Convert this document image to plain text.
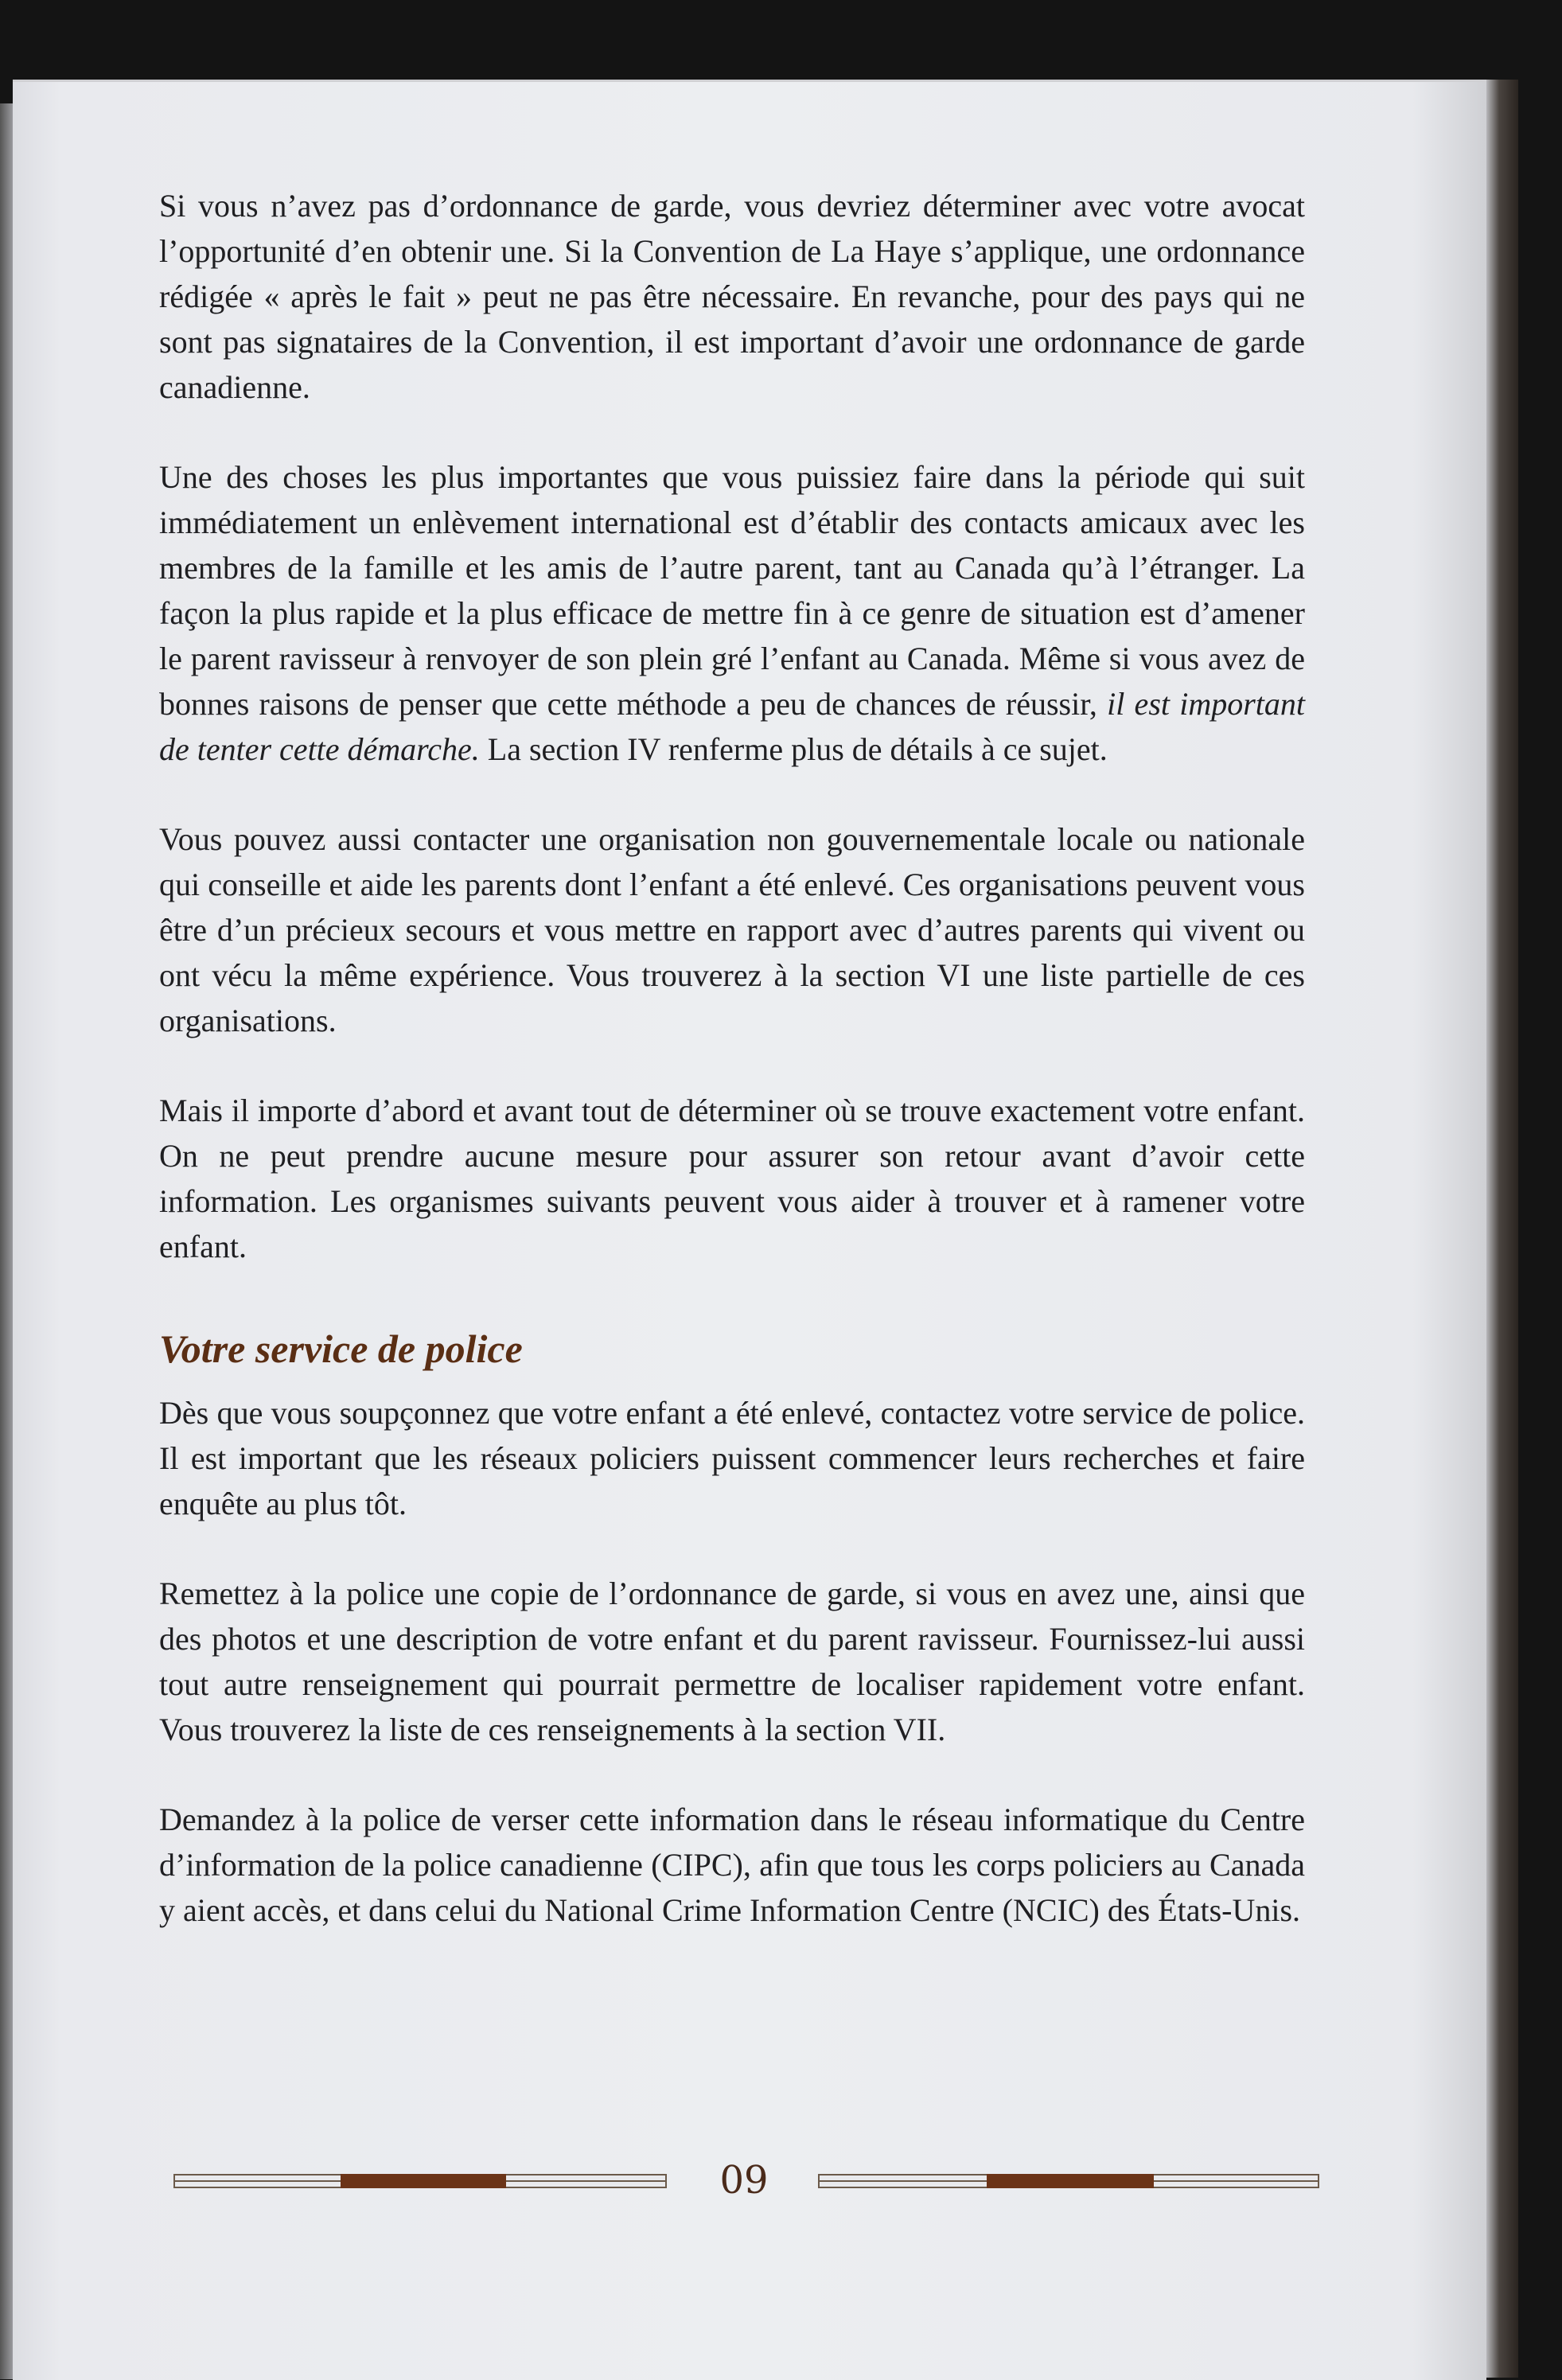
Si vous n’avez pas d’ordonnance de garde, vous devriez déterminer avec votre avocat l’opportunité d’en obtenir une. Si la Convention de La Haye s’applique, une ordonnance rédigée « après le fait » peut ne pas être nécessaire. En revanche, pour des pays qui ne sont pas signataires de la Convention, il est important d’avoir une ordonnance de garde canadienne.

Une des choses les plus importantes que vous puissiez faire dans la période qui suit immédiatement un enlèvement international est d’établir des contacts amicaux avec les membres de la famille et les amis de l’autre parent, tant au Canada qu’à l’étranger. La façon la plus rapide et la plus efficace de mettre fin à ce genre de situation est d’amener le parent ravisseur à renvoyer de son plein gré l’enfant au Canada. Même si vous avez de bonnes raisons de penser que cette méthode a peu de chances de réussir, il est important de tenter cette démarche. La section IV renferme plus de détails à ce sujet.

Vous pouvez aussi contacter une organisation non gouvernementale locale ou nationale qui conseille et aide les parents dont l’enfant a été enlevé. Ces organisations peuvent vous être d’un précieux secours et vous mettre en rapport avec d’autres parents qui vivent ou ont vécu la même expérience. Vous trouverez à la section VI une liste partielle de ces organisations.

Mais il importe d’abord et avant tout de déterminer où se trouve exactement votre enfant. On ne peut prendre aucune mesure pour assurer son retour avant d’avoir cette information. Les organismes suivants peuvent vous aider à trouver et à ramener votre enfant.

Votre service de police

Dès que vous soupçonnez que votre enfant a été enlevé, contactez votre service de police. Il est important que les réseaux policiers puissent commencer leurs recherches et faire enquête au plus tôt.

Remettez à la police une copie de l’ordonnance de garde, si vous en avez une, ainsi que des photos et une description de votre enfant et du parent ravisseur. Fournissez-lui aussi tout autre renseignement qui pourrait permettre de localiser rapidement votre enfant. Vous trouverez la liste de ces renseignements à la section VII.

Demandez à la police de verser cette information dans le réseau informatique du Centre d’information de la police canadienne (CIPC), afin que tous les corps policiers au Canada y aient accès, et dans celui du National Crime Information Centre (NCIC) des États-Unis.

09
